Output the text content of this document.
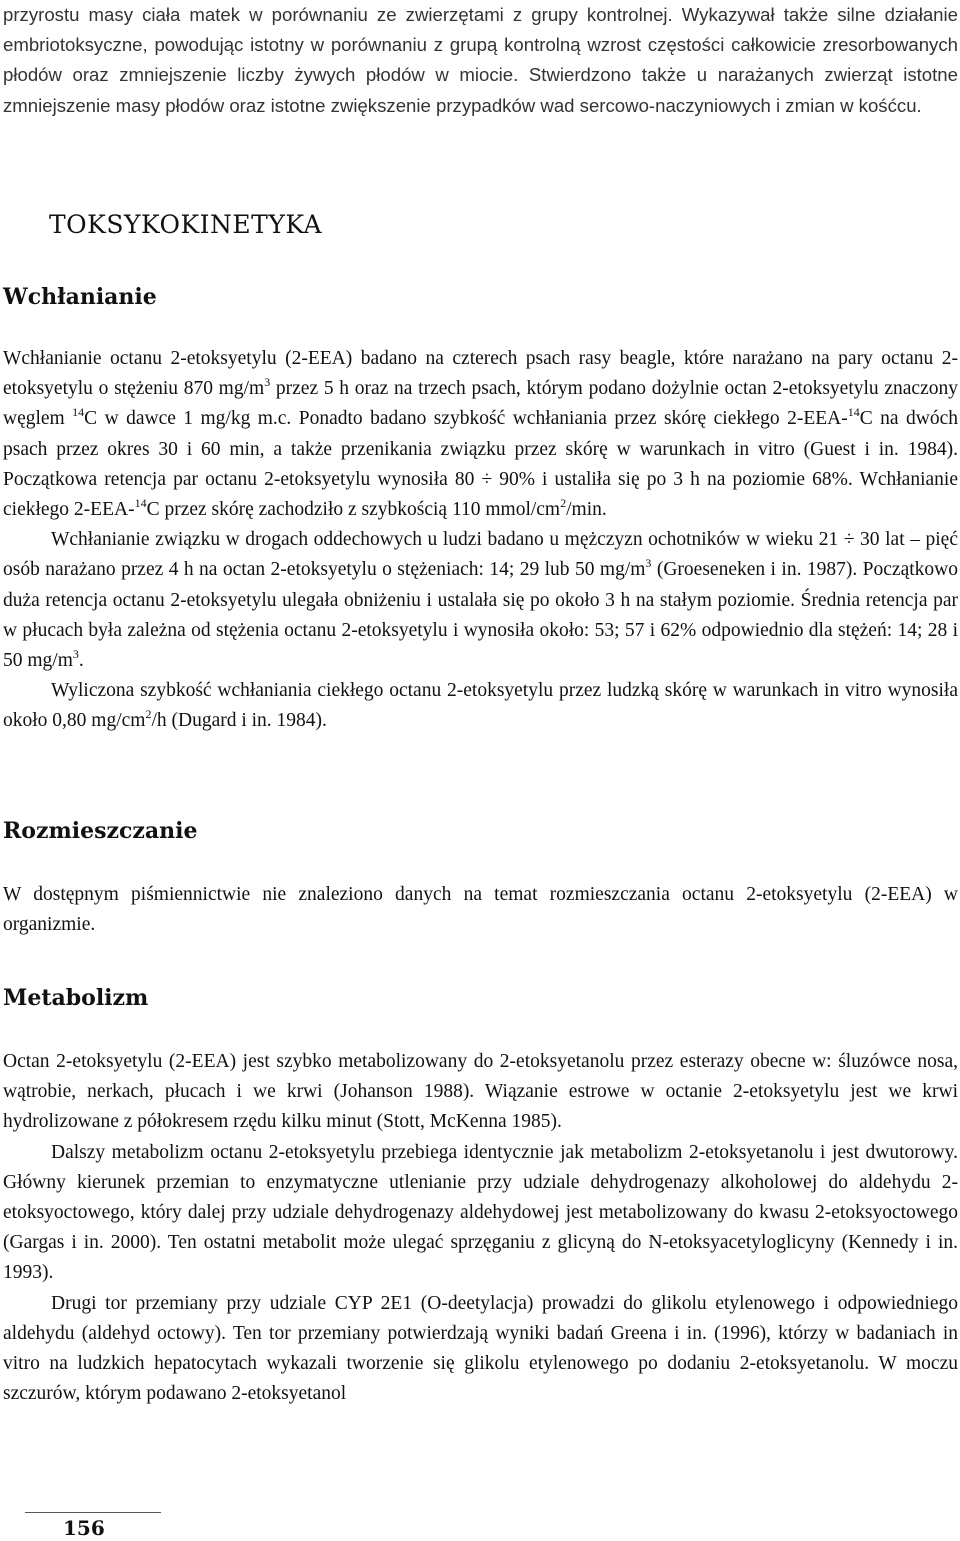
przyrostu masy ciała matek w porównaniu ze zwierzętami z grupy kontrolnej. Wykazywał także silne działanie embriotoksyczne, powodując istotny w porównaniu z grupą kontrolną wzrost częstości całkowicie zresorbowanych płodów oraz zmniejszenie liczby żywych płodów w miocie. Stwierdzono także u narażanych zwierząt istotne zmniejszenie masy płodów oraz istotne zwiększenie przypadków wad sercowo-naczyniowych i zmian w kośćcu.

TOKSYKOKINETYKA
Wchłanianie

Wchłanianie octanu 2-etoksyetylu (2-EEA) badano na czterech psach rasy beagle, które narażano na pary octanu 2-etoksyetylu o stężeniu 870 $mg/m^3$ przez 5 h oraz na trzech psach, którym podano dożylnie octan 2-etoksyetylu znaczony węglem $^{14}$C w dawce 1 mg/kg m.c. Ponadto badano szybkość wchłaniania przez skórę ciekłego 2-EEA-$^{14}$C na dwóch psach przez okres 30 i 60 min, a także przenikania związku przez skórę w warunkach in vitro (Guest i in. 1984). Początkowa retencja par octanu 2-etoksyetylu wynosiła 80 ÷ 90% i ustaliła się po 3 h na poziomie 68%. Wchłanianie ciekłego 2-EEA-$^{14}$C przez skórę zachodziło z szybkością 110 mmol/$cm^2/\min$.

Wchłanianie związku w drogach oddechowych u ludzi badano u mężczyzn ochotników w wieku 21 ÷ 30 lat – pięć osób narażano przez 4 h na octan 2-etoksyetylu o stężeniach: 14; 29 lub 50 $mg/m^3$ (Groeseneken i in. 1987). Początkowo duża retencja octanu 2-etoksyetylu ulegała obniżeniu i ustalała się po około 3 h na stałym poziomie. Średnia retencja par w płucach była zależna od stężenia octanu 2-etoksyetylu i wynosiła około: 53; 57 i 62% odpowiednio dla stężeń: 14; 28 i 50 $mg/m^3$.

Wyliczona szybkość wchłaniania ciekłego octanu 2-etoksyetylu przez ludzką skórę w warunkach in vitro wynosiła około 0,80 $mg/cm^2/h$ (Dugard i in. 1984).

Rozmieszczanie

W dostępnym piśmiennictwie nie znaleziono danych na temat rozmieszczania octanu 2-etoksyetylu (2-EEA) w organizmie.

Metabolizm

Octan 2-etoksyetylu (2-EEA) jest szybko metabolizowany do 2-etoksyetanolu przez esterazy obecne w: śluzówce nosa, wątrobie, nerkach, płucach i we krwi (Johanson 1988). Wiązanie estrowe w octanie 2-etoksyetylu jest we krwi hydrolizowane z półokresem rzędu kilku minut (Stott, McKenna 1985).

Dalszy metabolizm octanu 2-etoksyetylu przebiega identycznie jak metabolizm 2-etoksyetanolu i jest dwutorowy. Główny kierunek przemian to enzymatyczne utlenianie przy udziale dehydrogenazy alkoholowej do aldehydu 2-etoksyoctowego, który dalej przy udziale dehydrogenazy aldehydowej jest metabolizowany do kwasu 2-etoksyoctowego (Gargas i in. 2000). Ten ostatni metabolit może ulegać sprzęganiu z glicyną do N-etoksyacetyloglicyny (Kennedy i in. 1993).

Drugi tor przemiany przy udziale CYP 2E1 (O-deetylacja) prowadzi do glikolu etylenowego i odpowiedniego aldehydu (aldehyd octowy). Ten tor przemiany potwierdzają wyniki badań Greena i in. (1996), którzy w badaniach in vitro na ludzkich hepatocytach wykazali tworzenie się glikolu etylenowego po dodaniu 2-etoksyetanolu. W moczu szczurów, którym podawano 2-etoksyetanol

156
